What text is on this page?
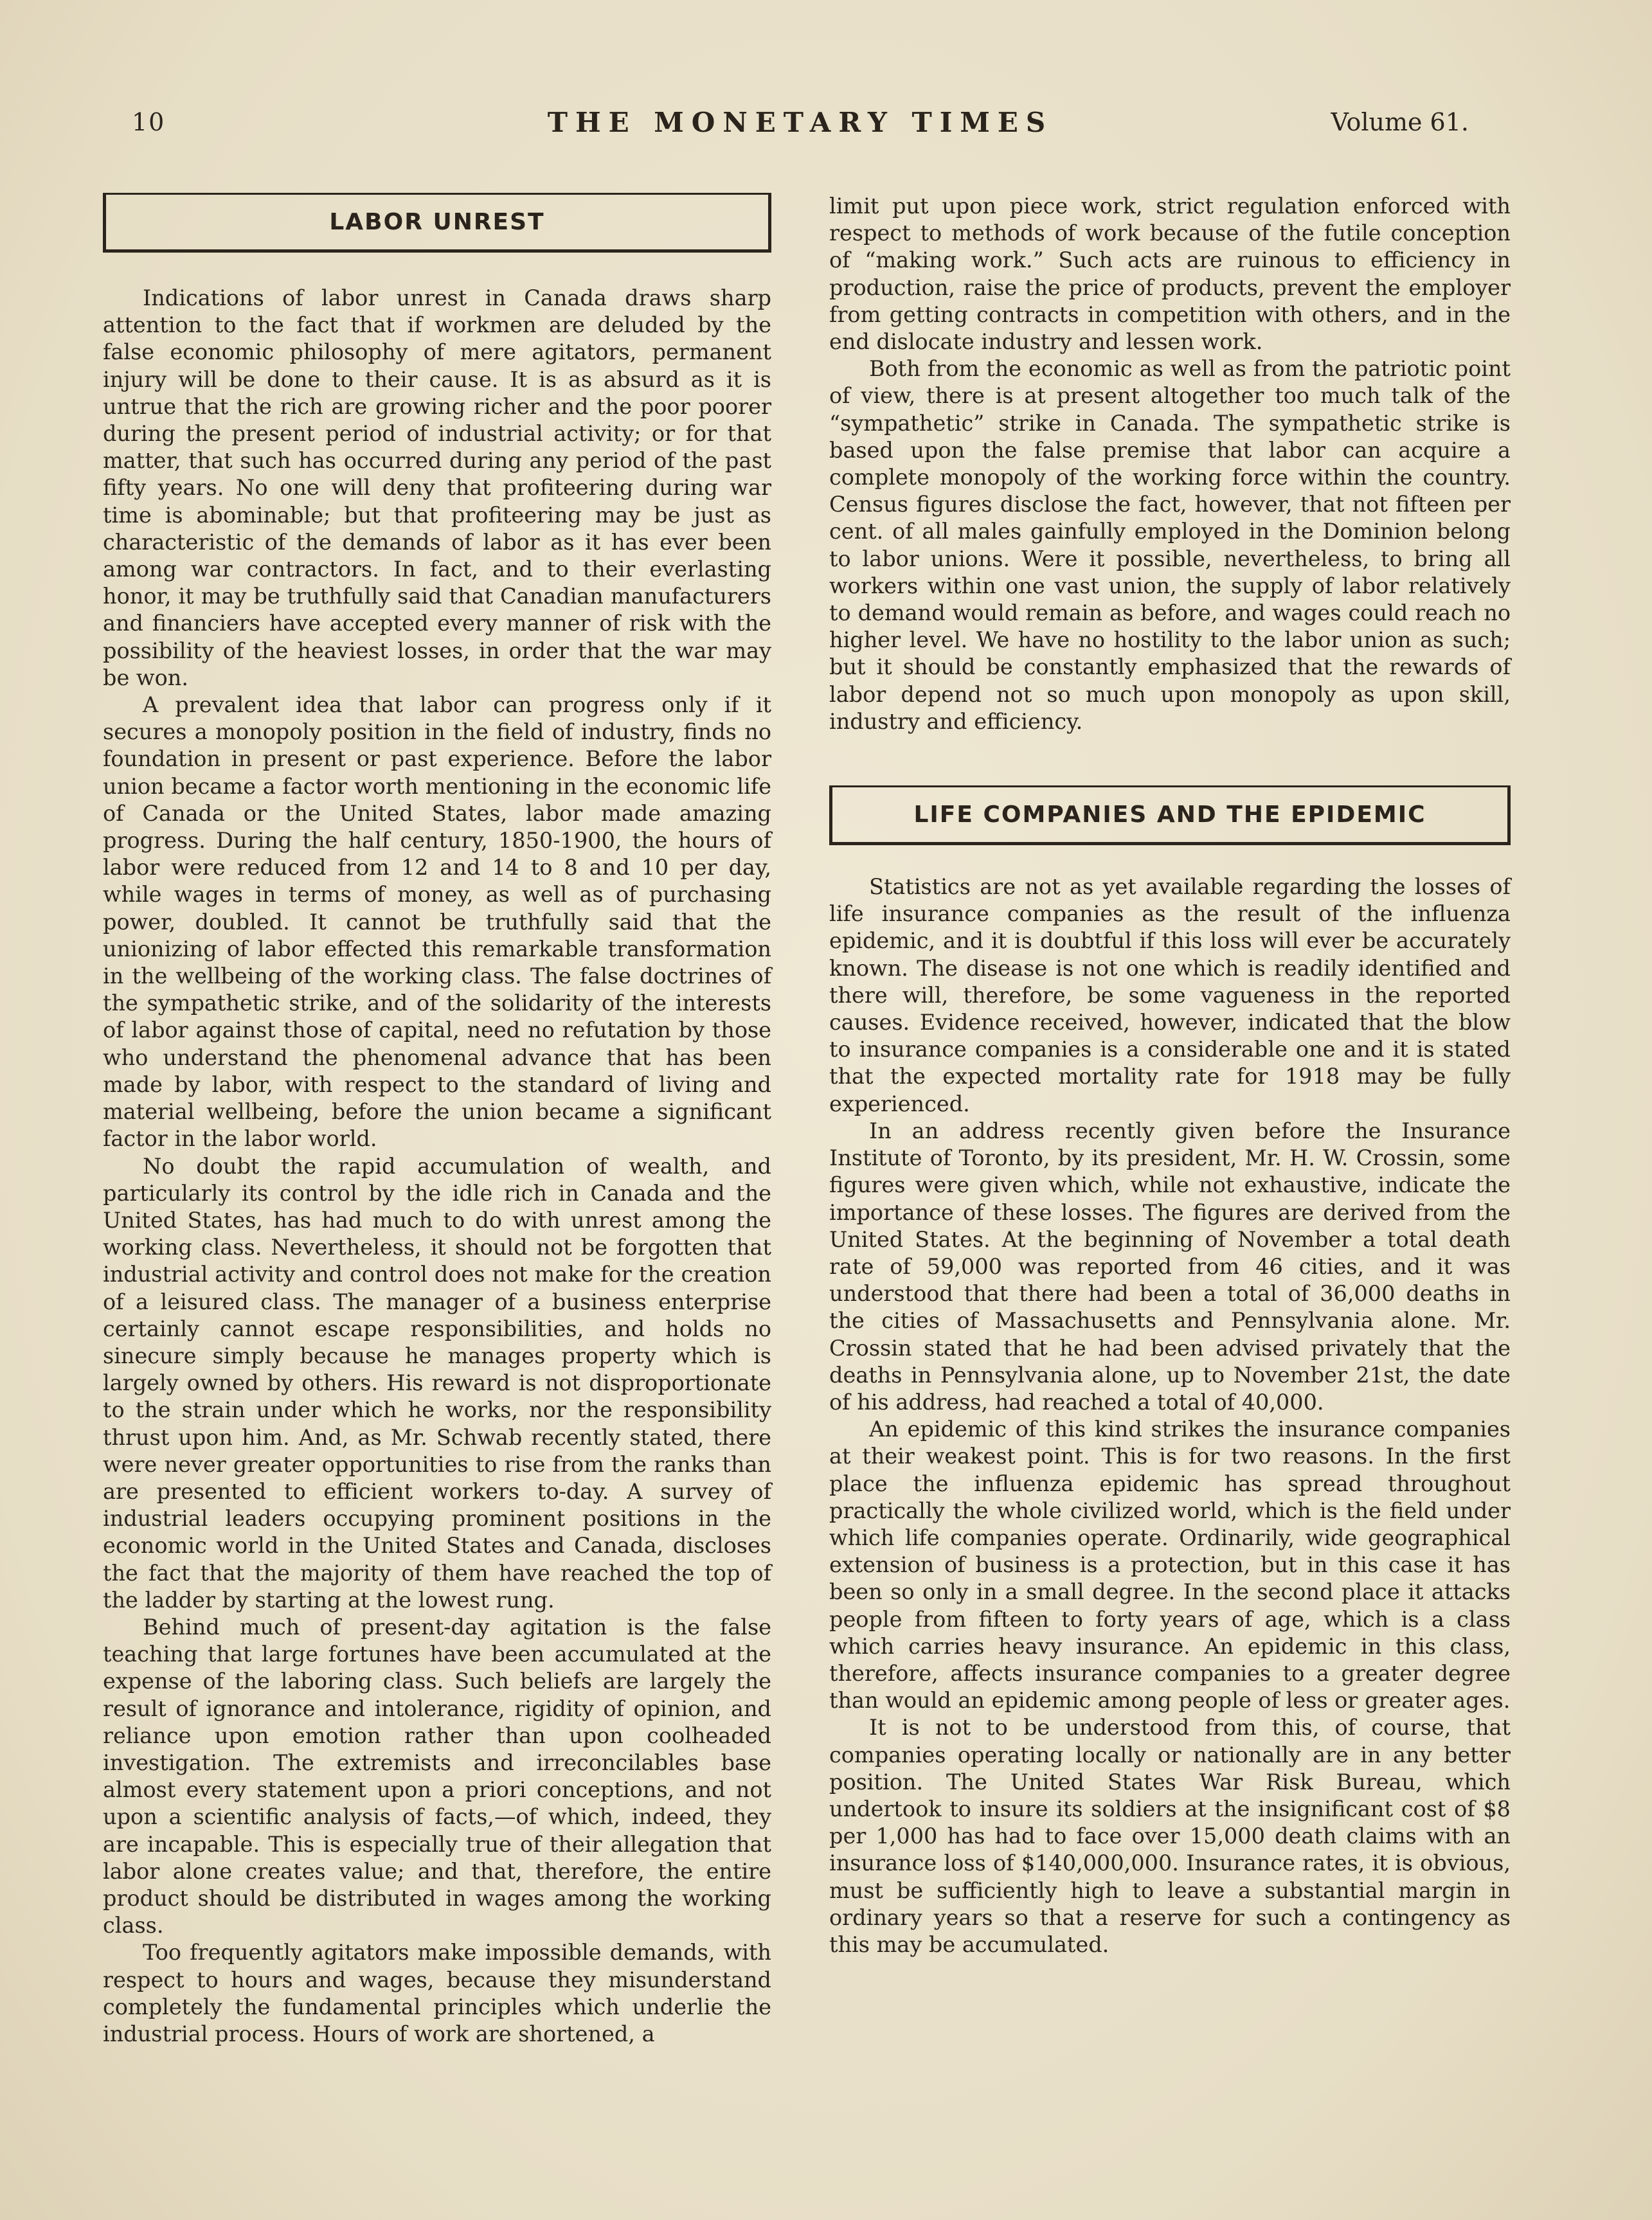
10	THE MONETARY TIMES	Volume 61.
LABOR UNREST

Indications of labor unrest in Canada draws sharp attention to the fact that if workmen are deluded by the false economic philosophy of mere agitators, permanent injury will be done to their cause. It is as absurd as it is untrue that the rich are growing richer and the poor poorer during the present period of industrial activity; or for that matter, that such has occurred during any period of the past fifty years. No one will deny that profiteering during war time is abominable; but that profiteering may be just as characteristic of the demands of labor as it has ever been among war contractors. In fact, and to their everlasting honor, it may be truthfully said that Canadian manufacturers and financiers have accepted every manner of risk with the possibility of the heaviest losses, in order that the war may be won.

A prevalent idea that labor can progress only if it secures a monopoly position in the field of industry, finds no foundation in present or past experience. Before the labor union became a factor worth mentioning in the economic life of Canada or the United States, labor made amazing progress. During the half century, 1850-1900, the hours of labor were reduced from 12 and 14 to 8 and 10 per day, while wages in terms of money, as well as of purchasing power, doubled. It cannot be truthfully said that the unionizing of labor effected this remarkable transformation in the wellbeing of the working class. The false doctrines of the sympathetic strike, and of the solidarity of the interests of labor against those of capital, need no refutation by those who understand the phenomenal advance that has been made by labor, with respect to the standard of living and material wellbeing, before the union became a significant factor in the labor world.

No doubt the rapid accumulation of wealth, and particularly its control by the idle rich in Canada and the United States, has had much to do with unrest among the working class. Nevertheless, it should not be forgotten that industrial activity and control does not make for the creation of a leisured class. The manager of a business enterprise certainly cannot escape responsibilities, and holds no sinecure simply because he manages property which is largely owned by others. His reward is not disproportionate to the strain under which he works, nor the responsibility thrust upon him. And, as Mr. Schwab recently stated, there were never greater opportunities to rise from the ranks than are presented to efficient workers to-day. A survey of industrial leaders occupying prominent positions in the economic world in the United States and Canada, discloses the fact that the majority of them have reached the top of the ladder by starting at the lowest rung.

Behind much of present-day agitation is the false teaching that large fortunes have been accumulated at the expense of the laboring class. Such beliefs are largely the result of ignorance and intolerance, rigidity of opinion, and reliance upon emotion rather than upon coolheaded investigation. The extremists and irreconcilables base almost every statement upon a priori conceptions, and not upon a scientific analysis of facts,—of which, indeed, they are incapable. This is especially true of their allegation that labor alone creates value; and that, therefore, the entire product should be distributed in wages among the working class.

Too frequently agitators make impossible demands, with respect to hours and wages, because they misunderstand completely the fundamental principles which underlie the industrial process. Hours of work are shortened, a

limit put upon piece work, strict regulation enforced with respect to methods of work because of the futile conception of “making work.” Such acts are ruinous to efficiency in production, raise the price of products, prevent the employer from getting contracts in competition with others, and in the end dislocate industry and lessen work.

Both from the economic as well as from the patriotic point of view, there is at present altogether too much talk of the “sympathetic” strike in Canada. The sympathetic strike is based upon the false premise that labor can acquire a complete monopoly of the working force within the country. Census figures disclose the fact, however, that not fifteen per cent. of all males gainfully employed in the Dominion belong to labor unions. Were it possible, nevertheless, to bring all workers within one vast union, the supply of labor relatively to demand would remain as before, and wages could reach no higher level. We have no hostility to the labor union as such; but it should be constantly emphasized that the rewards of labor depend not so much upon monopoly as upon skill, industry and efficiency.

LIFE COMPANIES AND THE EPIDEMIC

Statistics are not as yet available regarding the losses of life insurance companies as the result of the influenza epidemic, and it is doubtful if this loss will ever be accurately known. The disease is not one which is readily identified and there will, therefore, be some vagueness in the reported causes. Evidence received, however, indicated that the blow to insurance companies is a considerable one and it is stated that the expected mortality rate for 1918 may be fully experienced.

In an address recently given before the Insurance Institute of Toronto, by its president, Mr. H. W. Crossin, some figures were given which, while not exhaustive, indicate the importance of these losses. The figures are derived from the United States. At the beginning of November a total death rate of 59,000 was reported from 46 cities, and it was understood that there had been a total of 36,000 deaths in the cities of Massachusetts and Pennsylvania alone. Mr. Crossin stated that he had been advised privately that the deaths in Pennsylvania alone, up to November 21st, the date of his address, had reached a total of 40,000.

An epidemic of this kind strikes the insurance companies at their weakest point. This is for two reasons. In the first place the influenza epidemic has spread throughout practically the whole civilized world, which is the field under which life companies operate. Ordinarily, wide geographical extension of business is a protection, but in this case it has been so only in a small degree. In the second place it attacks people from fifteen to forty years of age, which is a class which carries heavy insurance. An epidemic in this class, therefore, affects insurance companies to a greater degree than would an epidemic among people of less or greater ages.

It is not to be understood from this, of course, that companies operating locally or nationally are in any better position. The United States War Risk Bureau, which undertook to insure its soldiers at the insignificant cost of $8 per 1,000 has had to face over 15,000 death claims with an insurance loss of $140,000,000. Insurance rates, it is obvious, must be sufficiently high to leave a substantial margin in ordinary years so that a reserve for such a contingency as this may be accumulated.
